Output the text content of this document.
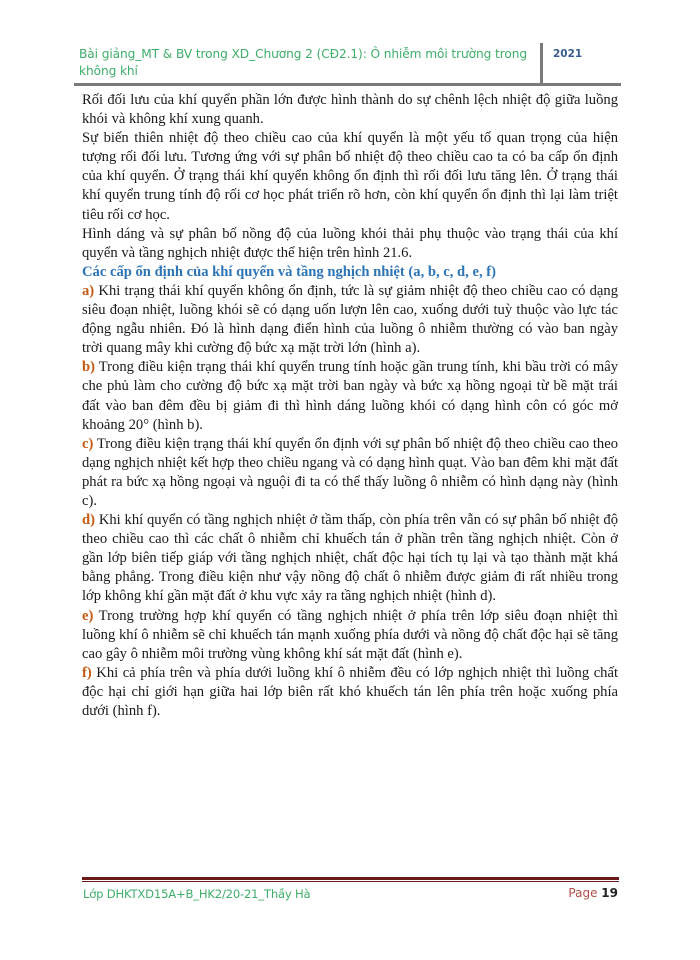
Bài giảng_MT & BV trong XD_Chương 2 (CĐ2.1): Ô nhiễm môi trường trong không khí
2021

Rối đối lưu của khí quyển phần lớn được hình thành do sự chênh lệch nhiệt độ giữa luồng khói và không khí xung quanh.

Sự biến thiên nhiệt độ theo chiều cao của khí quyển là một yếu tố quan trọng của hiện tượng rối đối lưu. Tương ứng với sự phân bố nhiệt độ theo chiều cao ta có ba cấp ổn định của khí quyển. Ở trạng thái khí quyển không ổn định thì rối đối lưu tăng lên. Ở trạng thái khí quyển trung tính độ rối cơ học phát triển rõ hơn, còn khí quyển ổn định thì lại làm triệt tiêu rối cơ học.

Hình dáng và sự phân bố nồng độ của luồng khói thải phụ thuộc vào trạng thái của khí quyển và tầng nghịch nhiệt được thể hiện trên hình 21.6.

Các cấp ổn định của khí quyển và tầng nghịch nhiệt (a, b, c, d, e, f)

a) Khi trạng thái khí quyển không ổn định, tức là sự giảm nhiệt độ theo chiều cao có dạng siêu đoạn nhiệt, luồng khói sẽ có dạng uốn lượn lên cao, xuống dưới tuỳ thuộc vào lực tác động ngẫu nhiên. Đó là hình dạng điển hình của luồng ô nhiễm thường có vào ban ngày trời quang mây khi cường độ bức xạ mặt trời lớn (hình a).

b) Trong điều kiện trạng thái khí quyển trung tính hoặc gần trung tính, khi bầu trời có mây che phủ làm cho cường độ bức xạ mặt trời ban ngày và bức xạ hồng ngoại từ bề mặt trái đất vào ban đêm đều bị giảm đi thì hình dáng luồng khói có dạng hình côn có góc mở khoảng 20° (hình b).

c) Trong điều kiện trạng thái khí quyển ổn định với sự phân bố nhiệt độ theo chiều cao theo dạng nghịch nhiệt kết hợp theo chiều ngang và có dạng hình quạt. Vào ban đêm khi mặt đất phát ra bức xạ hồng ngoại và nguội đi ta có thể thấy luồng ô nhiễm có hình dạng này (hình c).

d) Khi khí quyển có tầng nghịch nhiệt ở tầm thấp, còn phía trên vẫn có sự phân bố nhiệt độ theo chiều cao thì các chất ô nhiễm chỉ khuếch tán ở phần trên tầng nghịch nhiệt. Còn ở gần lớp biên tiếp giáp với tầng nghịch nhiệt, chất độc hại tích tụ lại và tạo thành mặt khá bằng phẳng. Trong điều kiện như vậy nồng độ chất ô nhiễm được giảm đi rất nhiều trong lớp không khí gần mặt đất ở khu vực xảy ra tầng nghịch nhiệt (hình d).

e) Trong trường hợp khí quyển có tầng nghịch nhiệt ở phía trên lớp siêu đoạn nhiệt thì luồng khí ô nhiễm sẽ chỉ khuếch tán mạnh xuống phía dưới và nồng độ chất độc hại sẽ tăng cao gây ô nhiễm môi trường vùng không khí sát mặt đất (hình e).

f) Khi cả phía trên và phía dưới luồng khí ô nhiễm đều có lớp nghịch nhiệt thì luồng chất độc hại chỉ giới hạn giữa hai lớp biên rất khó khuếch tán lên phía trên hoặc xuống phía dưới (hình f).

Lớp DHKTXD15A+B_HK2/20-21_Thầy Hà	Page 19
